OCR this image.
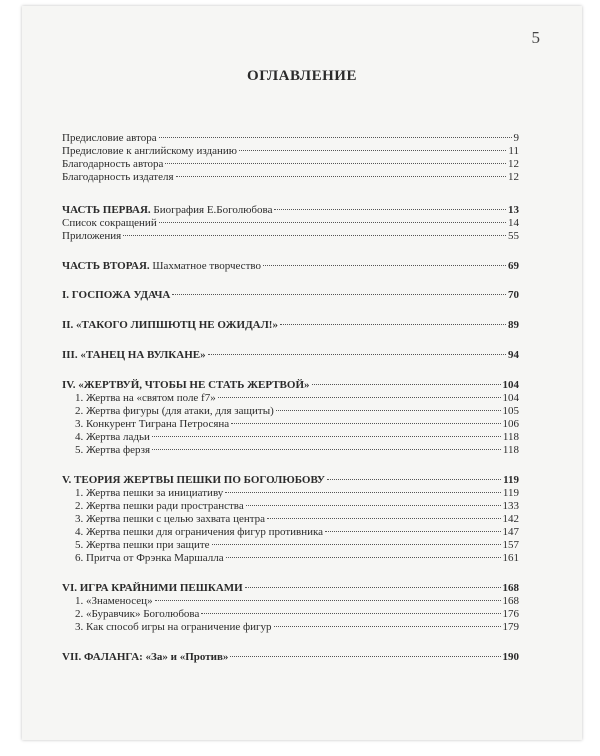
5
ОГЛАВЛЕНИЕ
Предисловие автора	9
Предисловие к английскому изданию	11
Благодарность автора	12
Благодарность издателя	12
ЧАСТЬ ПЕРВАЯ. Биография Е.Боголюбова	13
Список сокращений	14
Приложения	55
ЧАСТЬ ВТОРАЯ. Шахматное творчество	69
I. ГОСПОЖА УДАЧА	70
II. «ТАКОГО ЛИПШЮТЦ НЕ ОЖИДАЛ!»	89
III. «ТАНЕЦ НА ВУЛКАНЕ»	94
IV. «ЖЕРТВУЙ, ЧТОБЫ НЕ СТАТЬ ЖЕРТВОЙ»	104
1. Жертва на «святом поле f7»	104
2. Жертва фигуры (для атаки, для защиты)	105
3. Конкурент Тиграна Петросяна	106
4. Жертва ладьи	118
5. Жертва ферзя	118
V. ТЕОРИЯ ЖЕРТВЫ ПЕШКИ ПО БОГОЛЮБОВУ	119
1. Жертва пешки за инициативу	119
2. Жертва пешки ради пространства	133
3. Жертва пешки с целью захвата центра	142
4. Жертва пешки для ограничения фигур противника	147
5. Жертва пешки при защите	157
6. Притча от Фрэнка Маршалла	161
VI. ИГРА КРАЙНИМИ ПЕШКАМИ	168
1. «Знаменосец»	168
2. «Буравчик» Боголюбова	176
3. Как способ игры на ограничение фигур	179
VII. ФАЛАНГА: «За» и «Против»	190
